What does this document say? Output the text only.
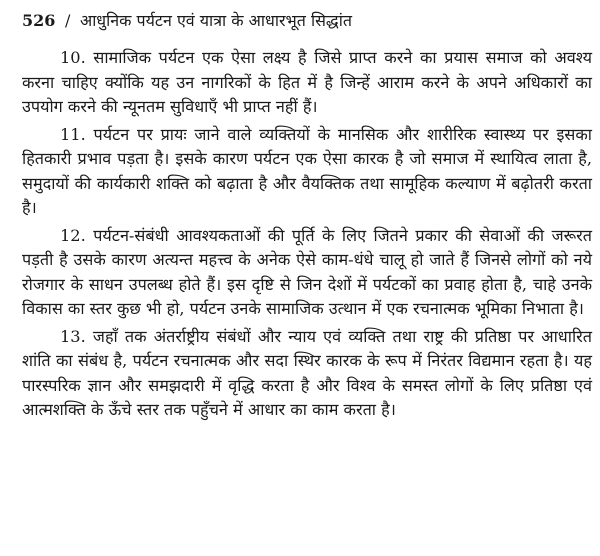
526 / आधुनिक पर्यटन एवं यात्रा के आधारभूत सिद्धांत

10. सामाजिक पर्यटन एक ऐसा लक्ष्य है जिसे प्राप्त करने का प्रयास समाज को अवश्य करना चाहिए क्योंकि यह उन नागरिकों के हित में है जिन्हें आराम करने के अपने अधिकारों का उपयोग करने की न्यूनतम सुविधाएँ भी प्राप्त नहीं हैं।

11. पर्यटन पर प्रायः जाने वाले व्यक्तियों के मानसिक और शारीरिक स्वास्थ्य पर इसका हितकारी प्रभाव पड़ता है। इसके कारण पर्यटन एक ऐसा कारक है जो समाज में स्थायित्व लाता है, समुदायों की कार्यकारी शक्ति को बढ़ाता है और वैयक्तिक तथा सामूहिक कल्याण में बढ़ोतरी करता है।

12. पर्यटन-संबंधी आवश्यकताओं की पूर्ति के लिए जितने प्रकार की सेवाओं की जरूरत पड़ती है उसके कारण अत्यन्त महत्त्व के अनेक ऐसे काम-धंधे चालू हो जाते हैं जिनसे लोगों को नये रोजगार के साधन उपलब्ध होते हैं। इस दृष्टि से जिन देशों में पर्यटकों का प्रवाह होता है, चाहे उनके विकास का स्तर कुछ भी हो, पर्यटन उनके सामाजिक उत्थान में एक रचनात्मक भूमिका निभाता है।

13. जहाँ तक अंतर्राष्ट्रीय संबंधों और न्याय एवं व्यक्ति तथा राष्ट्र की प्रतिष्ठा पर आधारित शांति का संबंध है, पर्यटन रचनात्मक और सदा स्थिर कारक के रूप में निरंतर विद्यमान रहता है। यह पारस्परिक ज्ञान और समझदारी में वृद्धि करता है और विश्व के समस्त लोगों के लिए प्रतिष्ठा एवं आत्मशक्ति के ऊँचे स्तर तक पहुँचने में आधार का काम करता है।
